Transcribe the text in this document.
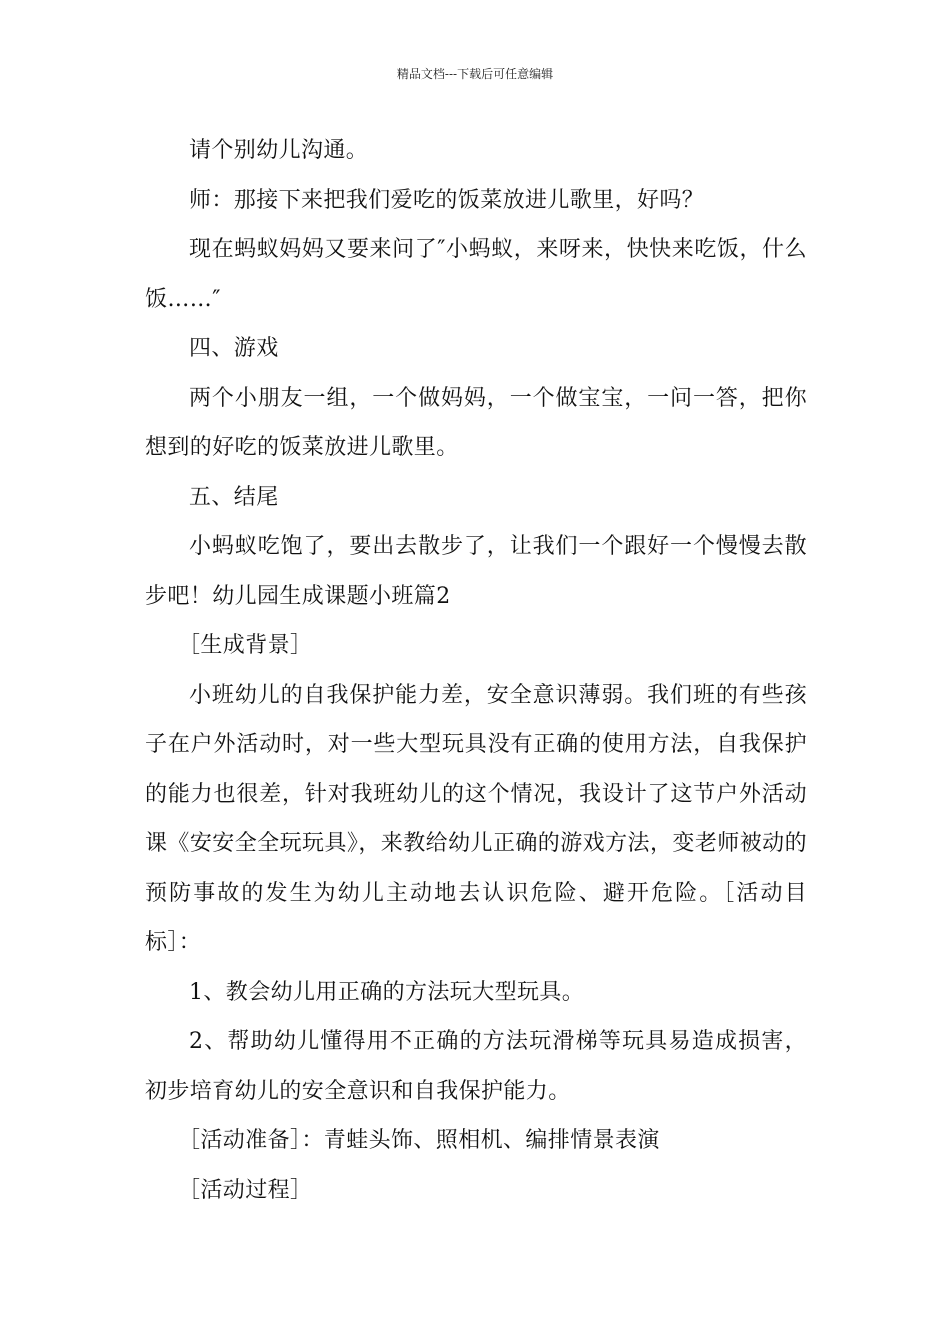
精品文档---下载后可任意编辑

请个别幼儿沟通。

师：那接下来把我们爱吃的饭菜放进儿歌里，好吗？

现在蚂蚁妈妈又要来问了″小蚂蚁，来呀来，快快来吃饭，什么饭……″

四、游戏

两个小朋友一组，一个做妈妈，一个做宝宝，一问一答，把你想到的好吃的饭菜放进儿歌里。

五、结尾

小蚂蚁吃饱了，要出去散步了，让我们一个跟好一个慢慢去散步吧！幼儿园生成课题小班篇2

［生成背景］

小班幼儿的自我保护能力差，安全意识薄弱。我们班的有些孩子在户外活动时，对一些大型玩具没有正确的使用方法，自我保护的能力也很差，针对我班幼儿的这个情况，我设计了这节户外活动课《安安全全玩玩具》，来教给幼儿正确的游戏方法，变老师被动的预防事故的发生为幼儿主动地去认识危险、避开危险。［活动目标］：

1、教会幼儿用正确的方法玩大型玩具。

2、帮助幼儿懂得用不正确的方法玩滑梯等玩具易造成损害，初步培育幼儿的安全意识和自我保护能力。

［活动准备］：青蛙头饰、照相机、编排情景表演

［活动过程］
